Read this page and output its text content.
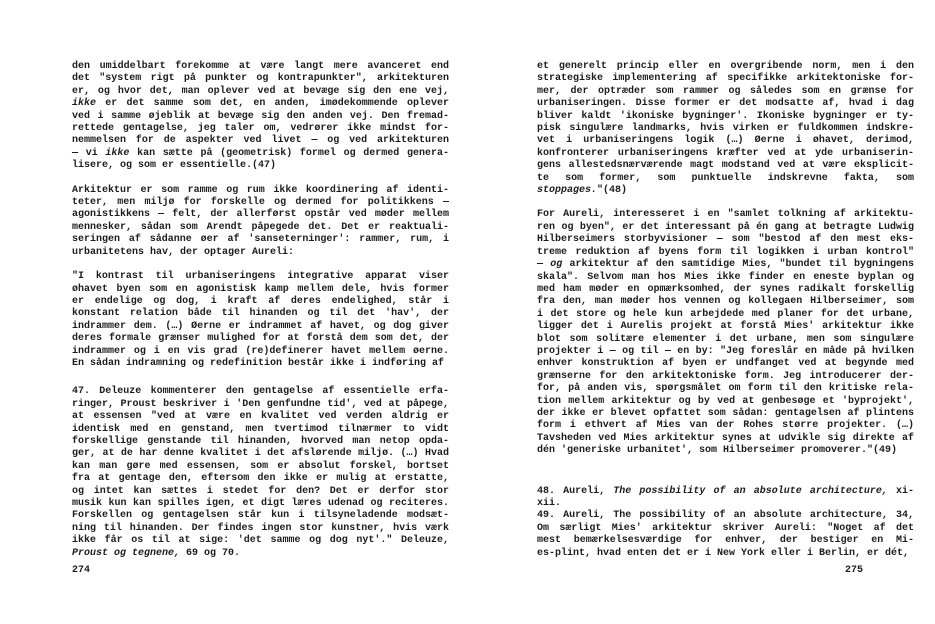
den umiddelbart forekomme at være langt mere avanceret end
det "system rigt på punkter og kontrapunkter", arkitekturen
er, og hvor det, man oplever ved at bevæge sig den ene vej,
ikke er det samme som det, en anden, imødekommende oplever
ved i samme øjeblik at bevæge sig den anden vej. Den fremad-
rettede gentagelse, jeg taler om, vedrører ikke mindst for-
nemmelsen for de aspekter ved livet — og ved arkitekturen
— vi ikke kan sætte på (geometrisk) formel og dermed genera-
lisere, og som er essentielle.(47)
Arkitektur er som ramme og rum ikke koordinering af identi-
teter, men miljø for forskelle og dermed for politikkens —
agonistikkens — felt, der allerførst opstår ved møder mellem
mennesker, sådan som Arendt påpegede det. Det er reaktuali-
seringen af sådanne øer af 'sanseterninger': rammer, rum, i
urbanitetens hav, der optager Aureli:
"I kontrast til urbaniseringens integrative apparat viser
øhavet byen som en agonistisk kamp mellem dele, hvis former
er endelige og dog, i kraft af deres endelighed, står i
konstant relation både til hinanden og til det 'hav', der
indrammer dem. (…) Øerne er indrammet af havet, og dog giver
deres formale grænser mulighed for at forstå dem som det, der
indrammer og i en vis grad (re)definerer havet mellem øerne.
En sådan indramning og redefinition består ikke i indføring af
47. Deleuze kommenterer den gentagelse af essentielle erfa-
ringer, Proust beskriver i 'Den genfundne tid', ved at påpege,
at essensen "ved at være en kvalitet ved verden aldrig er
identisk med en genstand, men tvertimod tilnærmer to vidt
forskellige genstande til hinanden, hvorved man netop opda-
ger, at de har denne kvalitet i det afslørende miljø. (…) Hvad
kan man gøre med essensen, som er absolut forskel, bortset
fra at gentage den, eftersom den ikke er mulig at erstatte,
og intet kan sættes i stedet for den? Det er derfor stor
musik kun kan spilles igen, et digt læres udenad og reciteres.
Forskellen og gentagelsen står kun i tilsyneladende modsæt-
ning til hinanden. Der findes ingen stor kunstner, hvis værk
ikke får os til at sige: 'det samme og dog nyt'." Deleuze,
Proust og tegnene, 69 og 70.
274
et generelt princip eller en overgribende norm, men i den
strategiske implementering af specifikke arkitektoniske for-
mer, der optræder som rammer og således som en grænse for
urbaniseringen. Disse former er det modsatte af, hvad i dag
bliver kaldt 'ikoniske bygninger'. Ikoniske bygninger er ty-
pisk singulære landmarks, hvis virken er fuldkommen indskre-
vet i urbaniseringens logik (…) Øerne i øhavet, derimod,
konfronterer urbaniseringens kræfter ved at yde urbaniserin-
gens allestedsnærværende magt modstand ved at være eksplicit-
te som former, som punktuelle indskrevne fakta, som
stoppages."(48)
For Aureli, interesseret i en "samlet tolkning af arkitektu-
ren og byen", er det interessant på én gang at betragte Ludwig
Hilberseimers storbyvisioner — som "bestod af den mest eks-
treme reduktion af byens form til logikken i urban kontrol"
— og arkitektur af den samtidige Mies, "bundet til bygningens
skala". Selvom man hos Mies ikke finder en eneste byplan og
med ham møder en opmærksomhed, der synes radikalt forskellig
fra den, man møder hos vennen og kollegaen Hilberseimer, som
i det store og hele kun arbejdede med planer for det urbane,
ligger det i Aurelis projekt at forstå Mies' arkitektur ikke
blot som solitære elementer i det urbane, men som singulære
projekter i — og til — en by: "Jeg foreslår en måde på hvilken
enhver konstruktion af byen er undfanget ved at begynde med
grænserne for den arkitektoniske form. Jeg introducerer der-
for, på anden vis, spørgsmålet om form til den kritiske rela-
tion mellem arkitektur og by ved at genbesøge et 'byprojekt',
der ikke er blevet opfattet som sådan: gentagelsen af plintens
form i ethvert af Mies van der Rohes større projekter. (…)
Tavsheden ved Mies arkitektur synes at udvikle sig direkte af
dén 'generiske urbanitet', som Hilberseimer promoverer."(49)
48. Aureli, The possibility of an absolute architecture, xi-
xii.
49. Aureli, The possibility of an absolute architecture, 34,
Om særligt Mies' arkitektur skriver Aureli: "Noget af det
mest bemærkelsesværdige for enhver, der bestiger en Mi-
es-plint, hvad enten det er i New York eller i Berlin, er dét,
275
